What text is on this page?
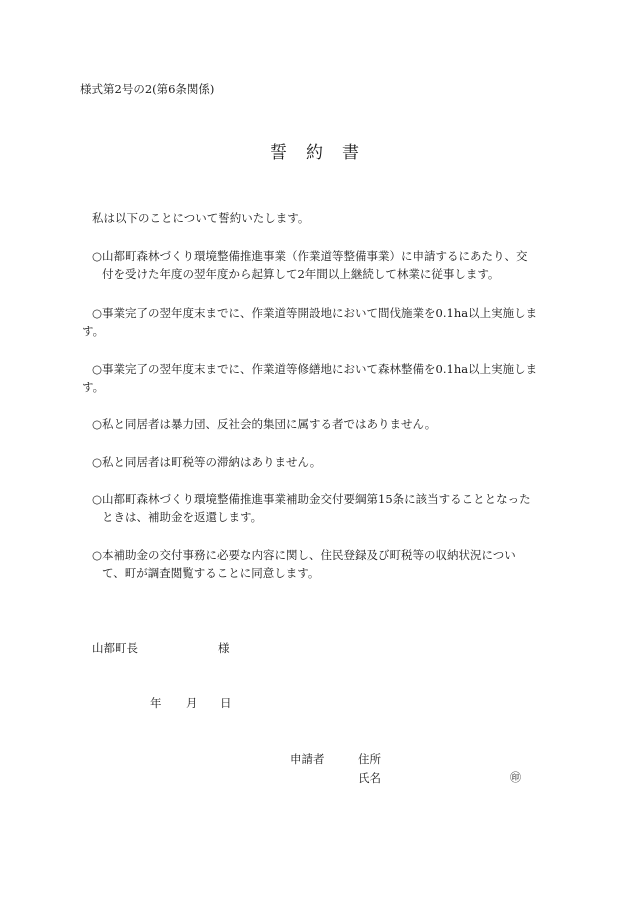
様式第2号の2(第6条関係)
誓　約　書
私は以下のことについて誓約いたします。
○山都町森林づくり環境整備推進事業（作業道等整備事業）に申請するにあたり、交
付を受けた年度の翌年度から起算して2年間以上継続して林業に従事します。
○事業完了の翌年度末までに、作業道等開設地において間伐施業を0.1ha以上実施しま
す。
○事業完了の翌年度末までに、作業道等修繕地において森林整備を0.1ha以上実施しま
す。
○私と同居者は暴力団、反社会的集団に属する者ではありません。
○私と同居者は町税等の滞納はありません。
○山都町森林づくり環境整備推進事業補助金交付要綱第15条に該当することとなった
ときは、補助金を返還します。
○本補助金の交付事務に必要な内容に関し、住民登録及び町税等の収納状況につい
て、町が調査閲覧することに同意します。
山都町長	様
年 月 日
申請者	住所
氏名	㊞
